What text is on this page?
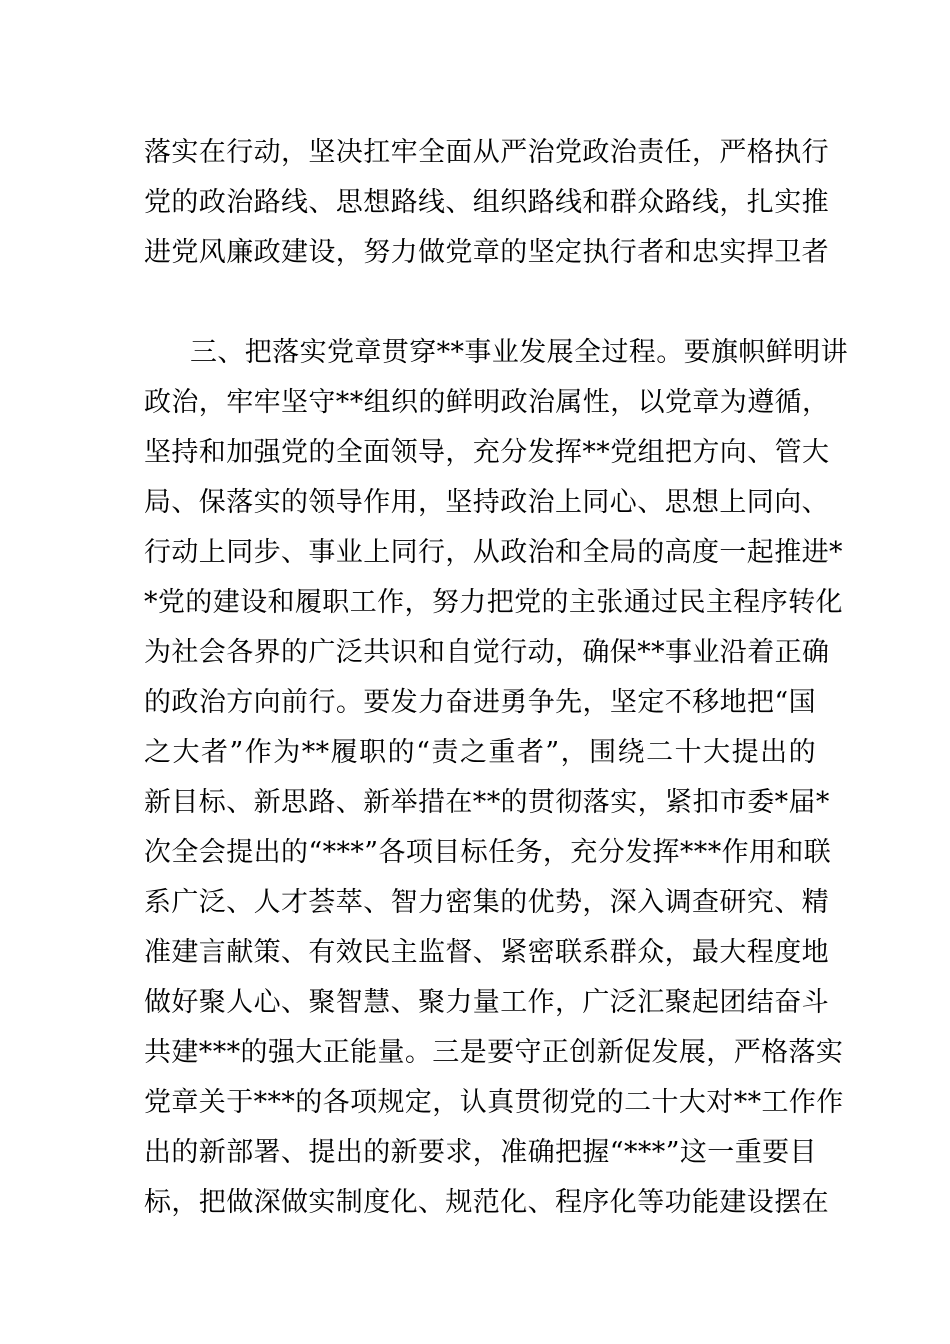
落实在行动，坚决扛牢全面从严治党政治责任，严格执行
党的政治路线、思想路线、组织路线和群众路线，扎实推
进党风廉政建设，努力做党章的坚定执行者和忠实捍卫者
三、把落实党章贯穿**事业发展全过程。要旗帜鲜明讲
政治，牢牢坚守**组织的鲜明政治属性，以党章为遵循，
坚持和加强党的全面领导，充分发挥**党组把方向、管大
局、保落实的领导作用，坚持政治上同心、思想上同向、
行动上同步、事业上同行，从政治和全局的高度一起推进*
*党的建设和履职工作，努力把党的主张通过民主程序转化
为社会各界的广泛共识和自觉行动，确保**事业沿着正确
的政治方向前行。要发力奋进勇争先，坚定不移地把“国
之大者”作为**履职的“责之重者”，围绕二十大提出的
新目标、新思路、新举措在**的贯彻落实，紧扣市委*届*
次全会提出的“***”各项目标任务，充分发挥***作用和联
系广泛、人才荟萃、智力密集的优势，深入调查研究、精
准建言献策、有效民主监督、紧密联系群众，最大程度地
做好聚人心、聚智慧、聚力量工作，广泛汇聚起团结奋斗
共建***的强大正能量。三是要守正创新促发展，严格落实
党章关于***的各项规定，认真贯彻党的二十大对**工作作
出的新部署、提出的新要求，准确把握“***”这一重要目
标，把做深做实制度化、规范化、程序化等功能建设摆在
